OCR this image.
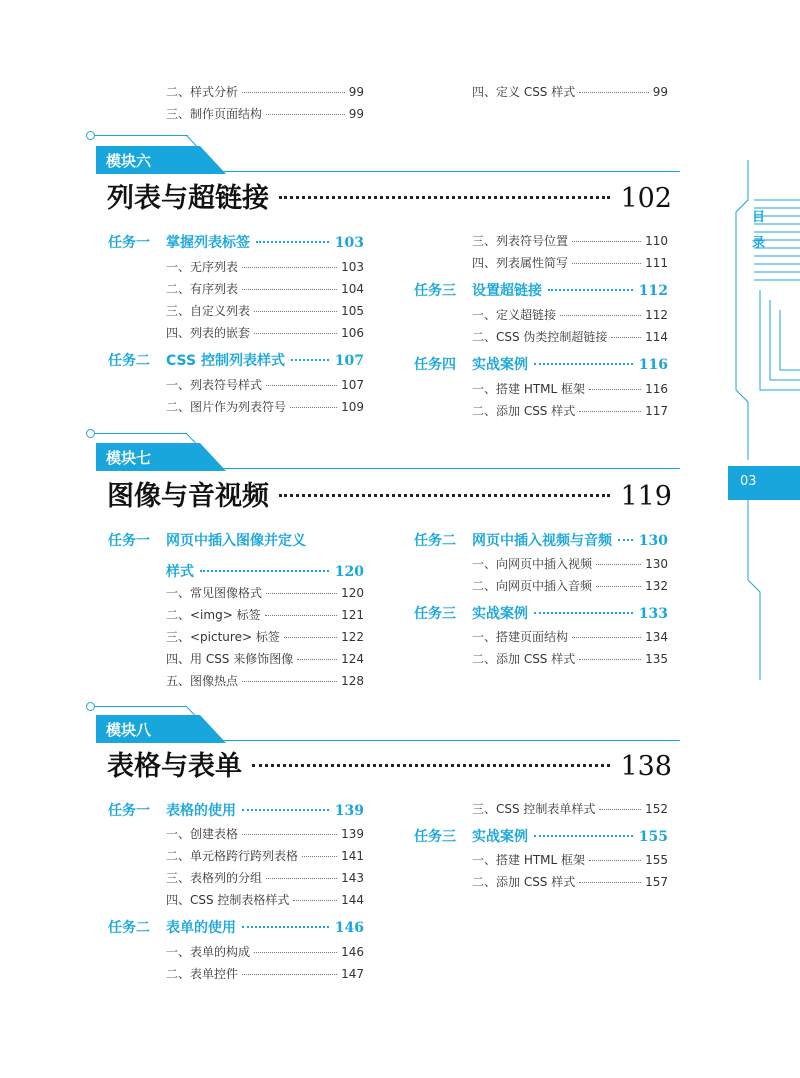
二、样式分析	99
三、制作页面结构	99
四、定义 CSS 样式	99
目
录
03
模块六
列表与超链接	102
任务一	掌握列表标签	103
一、无序列表	103
二、有序列表	104
三、自定义列表	105
四、列表的嵌套	106
任务二	CSS 控制列表样式	107
一、列表符号样式	107
二、图片作为列表符号	109
三、列表符号位置	110
四、列表属性简写	111
任务三	设置超链接	112
一、定义超链接	112
二、CSS 伪类控制超链接	114
任务四	实战案例	116
一、搭建 HTML 框架	116
二、添加 CSS 样式	117
模块七
图像与音视频	119
任务一	网页中插入图像并定义
样式	120
一、常见图像格式	120
二、<img> 标签	121
三、<picture> 标签	122
四、用 CSS 来修饰图像	124
五、图像热点	128
任务二	网页中插入视频与音频 130
一、向网页中插入视频	130
二、向网页中插入音频	132
任务三	实战案例	133
一、搭建页面结构	134
二、添加 CSS 样式	135
模块八
表格与表单	138
任务一	表格的使用	139
一、创建表格	139
二、单元格跨行跨列表格	141
三、表格列的分组	143
四、CSS 控制表格样式	144
任务二	表单的使用	146
一、表单的构成	146
二、表单控件	147
三、CSS 控制表单样式	152
任务三	实战案例	155
一、搭建 HTML 框架	155
二、添加 CSS 样式	157
